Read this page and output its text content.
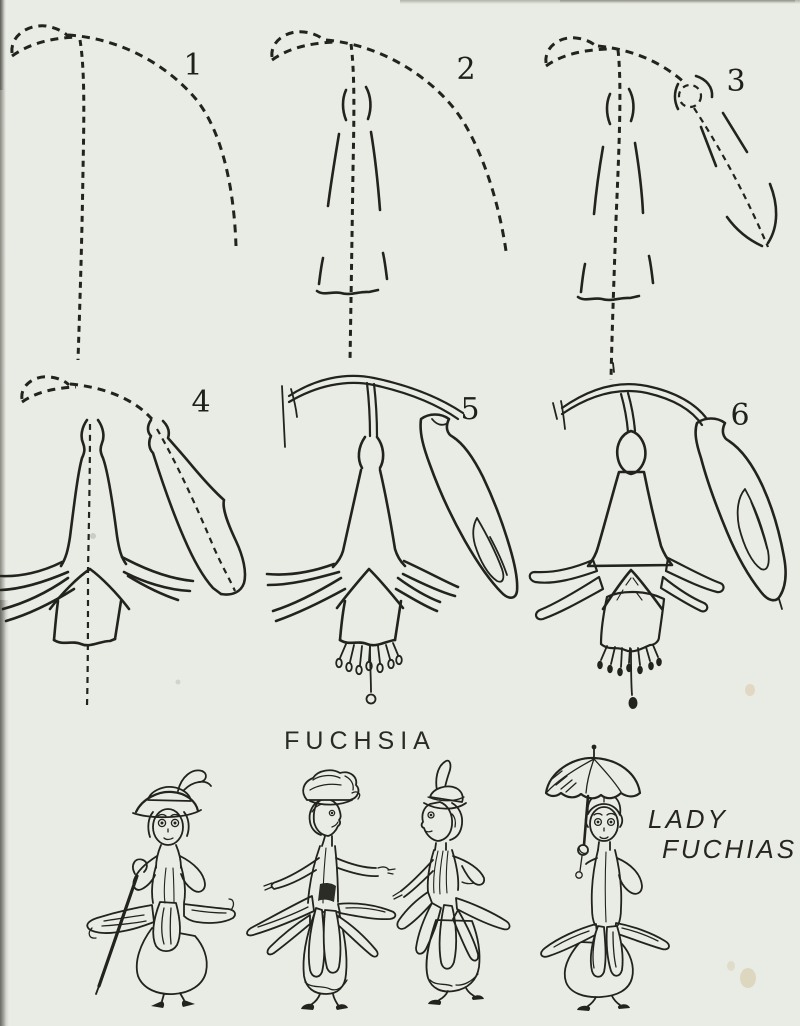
1	2	3
4	5	6
FUCHSIA
LADY
FUCHIAS
